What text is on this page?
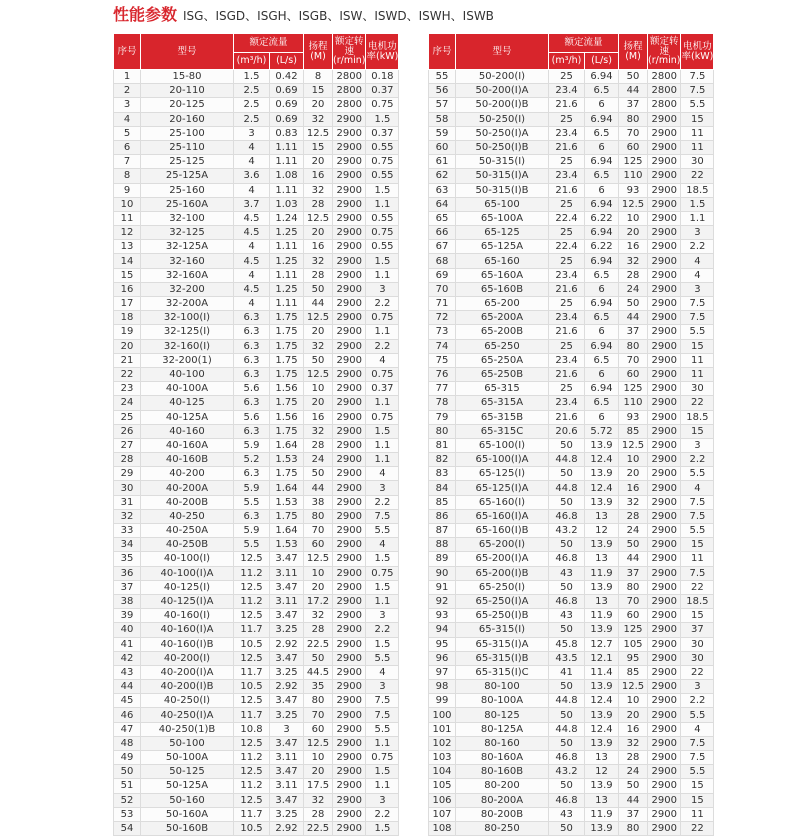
性能参数 ISG、ISGD、ISGH、ISGB、ISW、ISWD、ISWH、ISWB
序号	型号	额定流量		扬程(M)	额定转速(r/min)	电机功率(kW)
		(m³/h)	(L/s)			
1	15-80	1.5	0.42	8	2800	0.18
2	20-110	2.5	0.69	15	2800	0.37
3	20-125	2.5	0.69	20	2800	0.75
4	20-160	2.5	0.69	32	2900	1.5
5	25-100	3	0.83	12.5	2900	0.37
6	25-110	4	1.11	15	2900	0.55
7	25-125	4	1.11	20	2900	0.75
8	25-125A	3.6	1.08	16	2900	0.55
9	25-160	4	1.11	32	2900	1.5
10	25-160A	3.7	1.03	28	2900	1.1
11	32-100	4.5	1.24	12.5	2900	0.55
12	32-125	4.5	1.25	20	2900	0.75
13	32-125A	4	1.11	16	2900	0.55
14	32-160	4.5	1.25	32	2900	1.5
15	32-160A	4	1.11	28	2900	1.1
16	32-200	4.5	1.25	50	2900	3
17	32-200A	4	1.11	44	2900	2.2
18	32-100(I)	6.3	1.75	12.5	2900	0.75
19	32-125(I)	6.3	1.75	20	2900	1.1
20	32-160(I)	6.3	1.75	32	2900	2.2
21	32-200(1)	6.3	1.75	50	2900	4
22	40-100	6.3	1.75	12.5	2900	0.75
23	40-100A	5.6	1.56	10	2900	0.37
24	40-125	6.3	1.75	20	2900	1.1
25	40-125A	5.6	1.56	16	2900	0.75
26	40-160	6.3	1.75	32	2900	1.5
27	40-160A	5.9	1.64	28	2900	1.1
28	40-160B	5.2	1.53	24	2900	1.1
29	40-200	6.3	1.75	50	2900	4
30	40-200A	5.9	1.64	44	2900	3
31	40-200B	5.5	1.53	38	2900	2.2
32	40-250	6.3	1.75	80	2900	7.5
33	40-250A	5.9	1.64	70	2900	5.5
34	40-250B	5.5	1.53	60	2900	4
35	40-100(I)	12.5	3.47	12.5	2900	1.5
36	40-100(I)A	11.2	3.11	10	2900	0.75
37	40-125(I)	12.5	3.47	20	2900	1.5
38	40-125(I)A	11.2	3.11	17.2	2900	1.1
39	40-160(I)	12.5	3.47	32	2900	3
40	40-160(I)A	11.7	3.25	28	2900	2.2
41	40-160(I)B	10.5	2.92	22.5	2900	1.5
42	40-200(I)	12.5	3.47	50	2900	5.5
43	40-200(I)A	11.7	3.25	44.5	2900	4
44	40-200(I)B	10.5	2.92	35	2900	3
45	40-250(I)	12.5	3.47	80	2900	7.5
46	40-250(I)A	11.7	3.25	70	2900	7.5
47	40-250(1)B	10.8	3	60	2900	5.5
48	50-100	12.5	3.47	12.5	2900	1.1
49	50-100A	11.2	3.11	10	2900	0.75
50	50-125	12.5	3.47	20	2900	1.5
51	50-125A	11.2	3.11	17.5	2900	1.1
52	50-160	12.5	3.47	32	2900	3
53	50-160A	11.7	3.25	28	2900	2.2
54	50-160B	10.5	2.92	22.5	2900	1.5
序号	型号	额定流量		扬程(M)	额定转速(r/min)	电机功率(kW)
		(m³/h)	(L/s)			
55	50-200(I)	25	6.94	50	2800	7.5
56	50-200(I)A	23.4	6.5	44	2800	7.5
57	50-200(I)B	21.6	6	37	2800	5.5
58	50-250(I)	25	6.94	80	2900	15
59	50-250(I)A	23.4	6.5	70	2900	11
60	50-250(I)B	21.6	6	60	2900	11
61	50-315(I)	25	6.94	125	2900	30
62	50-315(I)A	23.4	6.5	110	2900	22
63	50-315(I)B	21.6	6	93	2900	18.5
64	65-100	25	6.94	12.5	2900	1.5
65	65-100A	22.4	6.22	10	2900	1.1
66	65-125	25	6.94	20	2900	3
67	65-125A	22.4	6.22	16	2900	2.2
68	65-160	25	6.94	32	2900	4
69	65-160A	23.4	6.5	28	2900	4
70	65-160B	21.6	6	24	2900	3
71	65-200	25	6.94	50	2900	7.5
72	65-200A	23.4	6.5	44	2900	7.5
73	65-200B	21.6	6	37	2900	5.5
74	65-250	25	6.94	80	2900	15
75	65-250A	23.4	6.5	70	2900	11
76	65-250B	21.6	6	60	2900	11
77	65-315	25	6.94	125	2900	30
78	65-315A	23.4	6.5	110	2900	22
79	65-315B	21.6	6	93	2900	18.5
80	65-315C	20.6	5.72	85	2900	15
81	65-100(I)	50	13.9	12.5	2900	3
82	65-100(I)A	44.8	12.4	10	2900	2.2
83	65-125(I)	50	13.9	20	2900	5.5
84	65-125(I)A	44.8	12.4	16	2900	4
85	65-160(I)	50	13.9	32	2900	7.5
86	65-160(I)A	46.8	13	28	2900	7.5
87	65-160(I)B	43.2	12	24	2900	5.5
88	65-200(I)	50	13.9	50	2900	15
89	65-200(I)A	46.8	13	44	2900	11
90	65-200(I)B	43	11.9	37	2900	7.5
91	65-250(I)	50	13.9	80	2900	22
92	65-250(I)A	46.8	13	70	2900	18.5
93	65-250(I)B	43	11.9	60	2900	15
94	65-315(I)	50	13.9	125	2900	37
95	65-315(I)A	45.8	12.7	105	2900	30
96	65-315(I)B	43.5	12.1	95	2900	30
97	65-315(I)C	41	11.4	85	2900	22
98	80-100	50	13.9	12.5	2900	3
99	80-100A	44.8	12.4	10	2900	2.2
100	80-125	50	13.9	20	2900	5.5
101	80-125A	44.8	12.4	16	2900	4
102	80-160	50	13.9	32	2900	7.5
103	80-160A	46.8	13	28	2900	7.5
104	80-160B	43.2	12	24	2900	5.5
105	80-200	50	13.9	50	2900	15
106	80-200A	46.8	13	44	2900	15
107	80-200B	43	11.9	37	2900	11
108	80-250	50	13.9	80	2900	22
